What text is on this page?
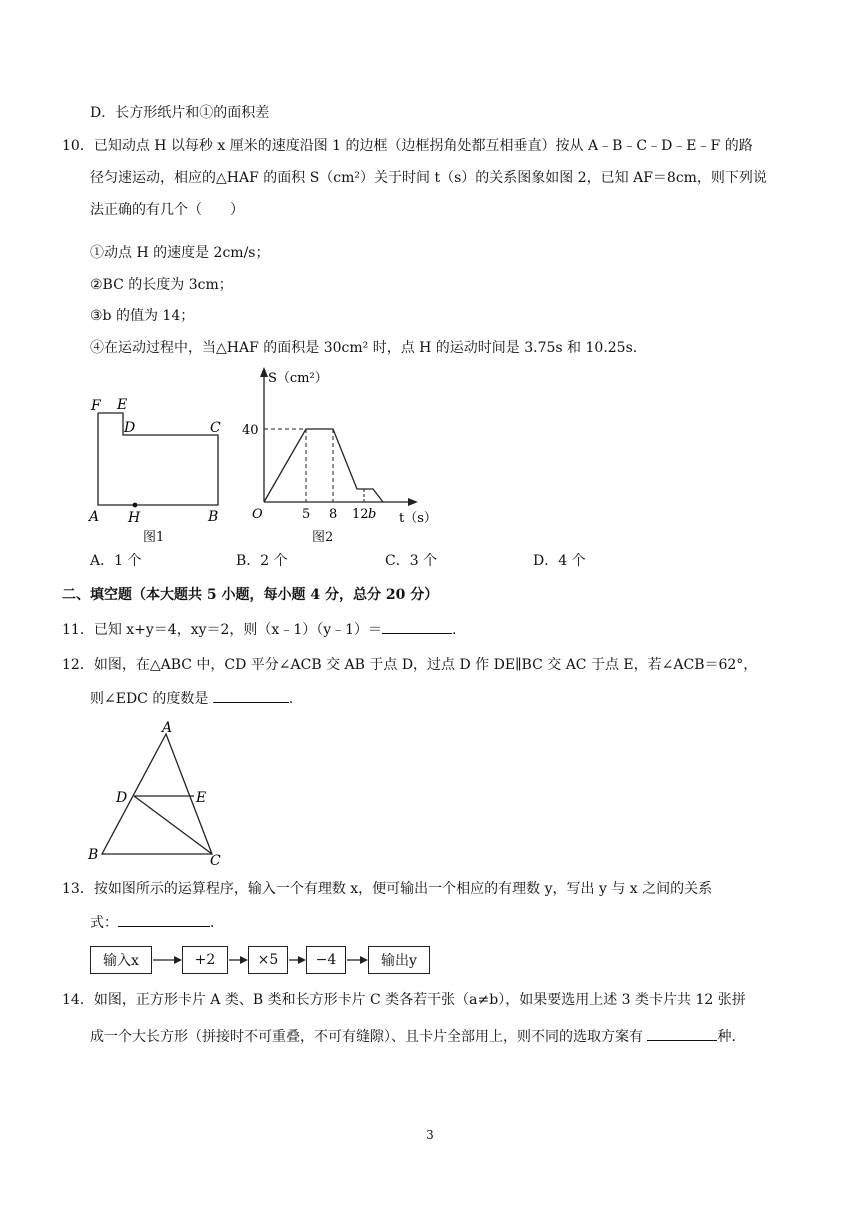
D．长方形纸片和①的面积差
10．已知动点 H 以每秒 x 厘米的速度沿图 1 的边框（边框拐角处都互相垂直）按从 A﹣B﹣C﹣D﹣E﹣F 的路
径匀速运动，相应的△HAF 的面积 S（cm²）关于时间 t（s）的关系图象如图 2，已知 AF＝8cm，则下列说
法正确的有几个（　　）
①动点 H 的速度是 2cm/s；
②BC 的长度为 3cm；
③b 的值为 14；
④在运动过程中，当△HAF 的面积是 30cm² 时，点 H 的运动时间是 3.75s 和 10.25s.
F E
D	C
A H	B
图1
S（cm²）
40
O	5 8 12 b t（s）
图2
A．1 个	B．2 个	C．3 个	D．4 个
二、填空题（本大题共 5 小题，每小题 4 分，总分 20 分）
11．已知 x+y＝4，xy＝2，则（x﹣1）（y﹣1）＝	.
12．如图，在△ABC 中，CD 平分∠ACB 交 AB 于点 D，过点 D 作 DE∥BC 交 AC 于点 E，若∠ACB＝62°，
则∠EDC 的度数是	.
A
D	E
B	C
13．按如图所示的运算程序，输入一个有理数 x，便可输出一个相应的有理数 y，写出 y 与 x 之间的关系
式：	.
输入x	+2	×5	−4	输出y
14．如图，正方形卡片 A 类、B 类和长方形卡片 C 类各若干张（a≠b），如果要选用上述 3 类卡片共 12 张拼
成一个大长方形（拼接时不可重叠，不可有缝隙）、且卡片全部用上，则不同的选取方案有	种.
3
